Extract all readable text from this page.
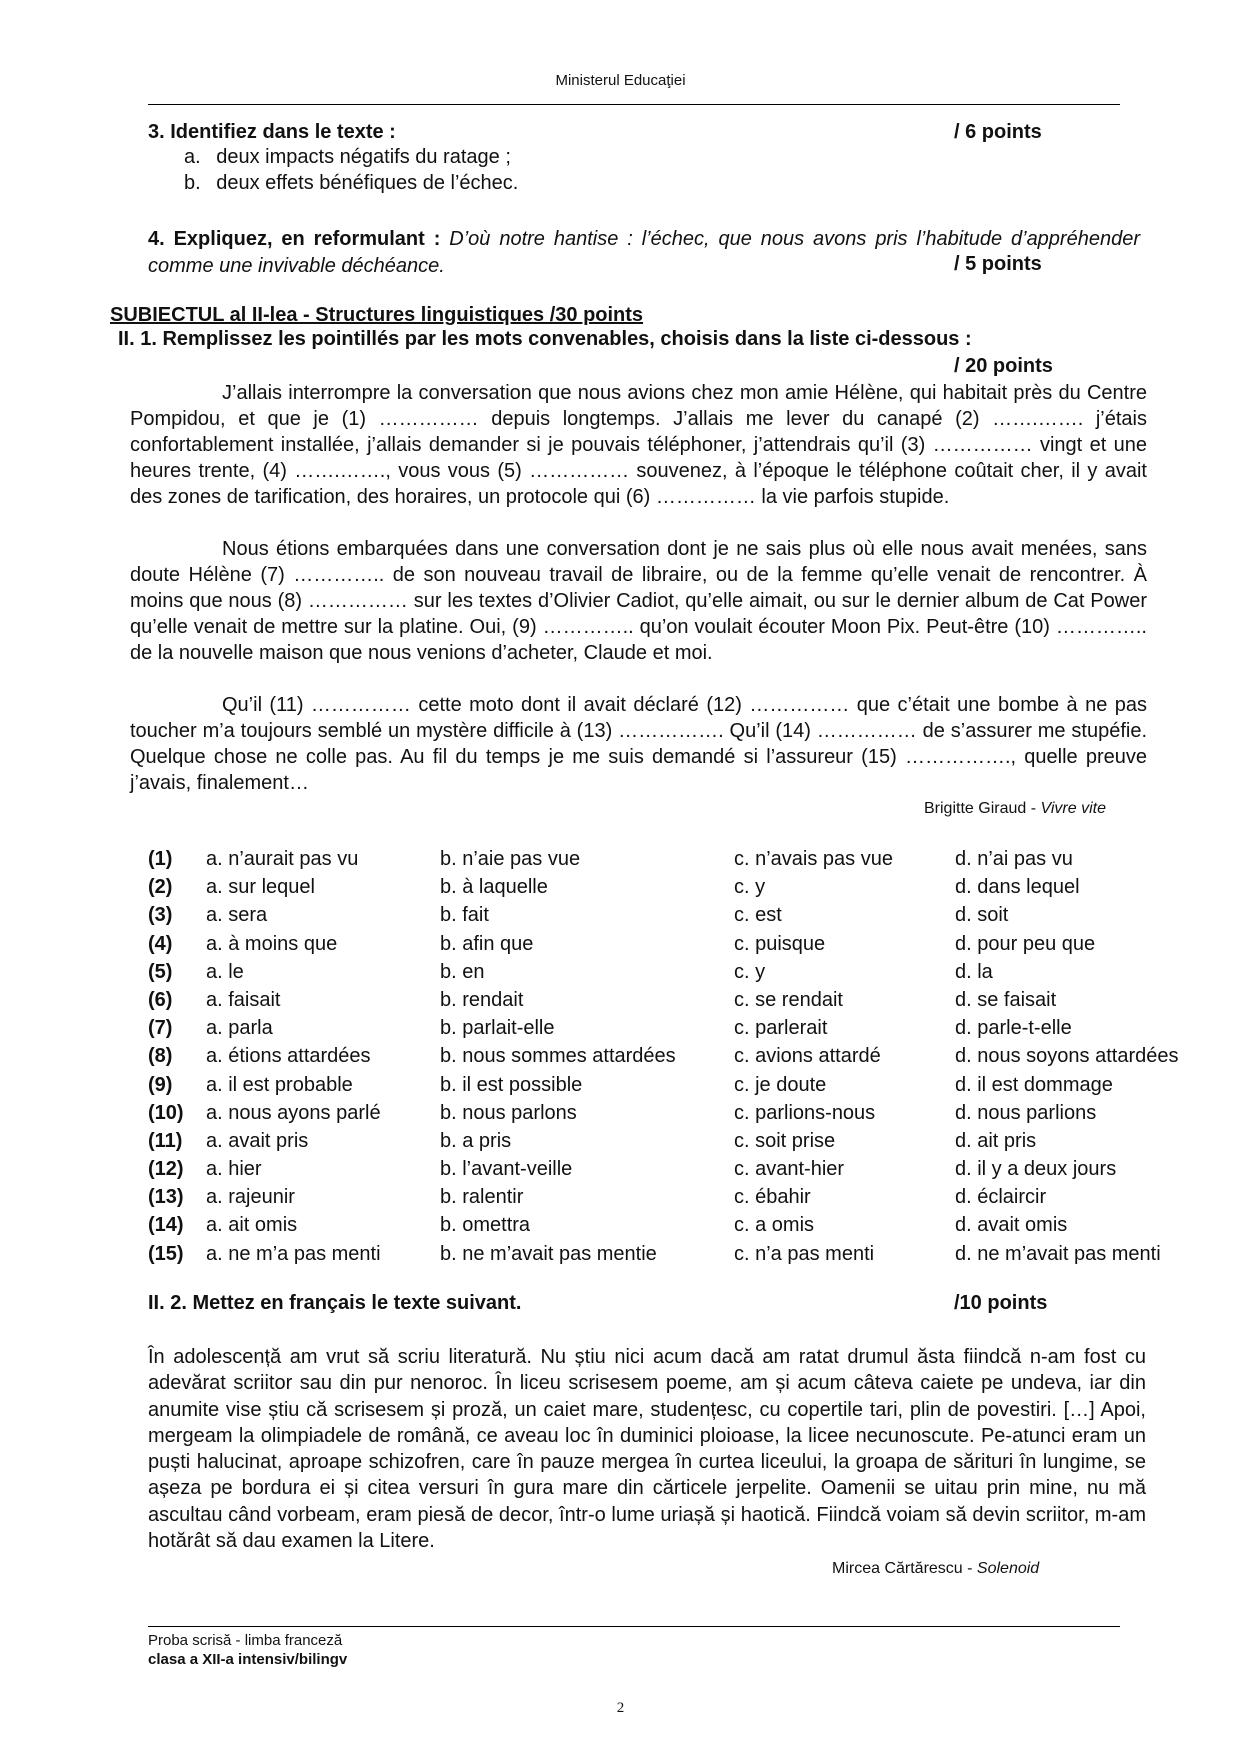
Ministerul Educaţiei
3. Identifiez dans le texte :	/ 6 points
a. deux impacts négatifs du ratage ;
b. deux effets bénéfiques de l’échec.
4. Expliquez, en reformulant : D’où notre hantise : l’échec, que nous avons pris l’habitude d’appréhender comme une invivable déchéance.	/ 5 points
SUBIECTUL al II-lea - Structures linguistiques /30 points
II. 1. Remplissez les pointillés par les mots convenables, choisis dans la liste ci-dessous :
/ 20 points
J’allais interrompre la conversation que nous avions chez mon amie Hélène, qui habitait près du Centre Pompidou, et que je (1) …………… depuis longtemps. J’allais me lever du canapé (2) …….……. j’étais confortablement installée, j’allais demander si je pouvais téléphoner, j’attendrais qu’il (3) …………… vingt et une heures trente, (4) …….……., vous vous (5) …………… souvenez, à l’époque le téléphone coûtait cher, il y avait des zones de tarification, des horaires, un protocole qui (6) …………… la vie parfois stupide.
Nous étions embarquées dans une conversation dont je ne sais plus où elle nous avait menées, sans doute Hélène (7) ………….. de son nouveau travail de libraire, ou de la femme qu’elle venait de rencontrer. À moins que nous (8) …………… sur les textes d’Olivier Cadiot, qu’elle aimait, ou sur le dernier album de Cat Power qu’elle venait de mettre sur la platine. Oui, (9) ………….. qu’on voulait écouter Moon Pix. Peut-être (10) ………….. de la nouvelle maison que nous venions d’acheter, Claude et moi.
Qu’il (11) …………… cette moto dont il avait déclaré (12) …………… que c’était une bombe à ne pas toucher m’a toujours semblé un mystère difficile à (13) ……………. Qu’il (14) …………… de s’assurer me stupéfie. Quelque chose ne colle pas. Au fil du temps je me suis demandé si l’assureur (15) ……………., quelle preuve j’avais, finalement…
Brigitte Giraud - Vivre vite
(1)	a. n’aurait pas vu	b. n’aie pas vue	c. n’avais pas vue	d. n’ai pas vu
(2)	a. sur lequel	b. à laquelle	c. y	d. dans lequel
(3)	a. sera	b. fait	c. est	d. soit
(4)	a. à moins que	b. afin que	c. puisque	d. pour peu que
(5)	a. le	b. en	c. y	d. la
(6)	a. faisait	b. rendait	c. se rendait	d. se faisait
(7)	a. parla	b. parlait-elle	c. parlerait	d. parle-t-elle
(8)	a. étions attardées	b. nous sommes attardées	c. avions attardé	d. nous soyons attardées
(9)	a. il est probable	b. il est possible	c. je doute	d. il est dommage
(10)	a. nous ayons parlé	b. nous parlons	c. parlions-nous	d. nous parlions
(11)	a. avait pris	b. a pris	c. soit prise	d. ait pris
(12)	a. hier	b. l’avant-veille	c. avant-hier	d. il y a deux jours
(13)	a. rajeunir	b. ralentir	c. ébahir	d. éclaircir
(14)	a. ait omis	b. omettra	c. a omis	d. avait omis
(15)	a. ne m’a pas menti	b. ne m’avait pas mentie	c. n’a pas menti	d. ne m’avait pas menti
II. 2. Mettez en français le texte suivant.	/10 points
În adolescență am vrut să scriu literatură. Nu știu nici acum dacă am ratat drumul ăsta fiindcă n-am fost cu adevărat scriitor sau din pur nenoroc. În liceu scrisesem poeme, am și acum câteva caiete pe undeva, iar din anumite vise știu că scrisesem și proză, un caiet mare, studențesc, cu copertile tari, plin de povestiri. […] Apoi, mergeam la olimpiadele de română, ce aveau loc în duminici ploioase, la licee necunoscute. Pe-atunci eram un puști halucinat, aproape schizofren, care în pauze mergea în curtea liceului, la groapa de sărituri în lungime, se așeza pe bordura ei și citea versuri în gura mare din cărticele jerpelite. Oamenii se uitau prin mine, nu mă ascultau când vorbeam, eram piesă de decor, într-o lume uriașă și haotică. Fiindcă voiam să devin scriitor, m-am hotărât să dau examen la Litere.
Mircea Cărtărescu - Solenoid
Proba scrisă - limba franceză
clasa a XII-a intensiv/bilingv
2
